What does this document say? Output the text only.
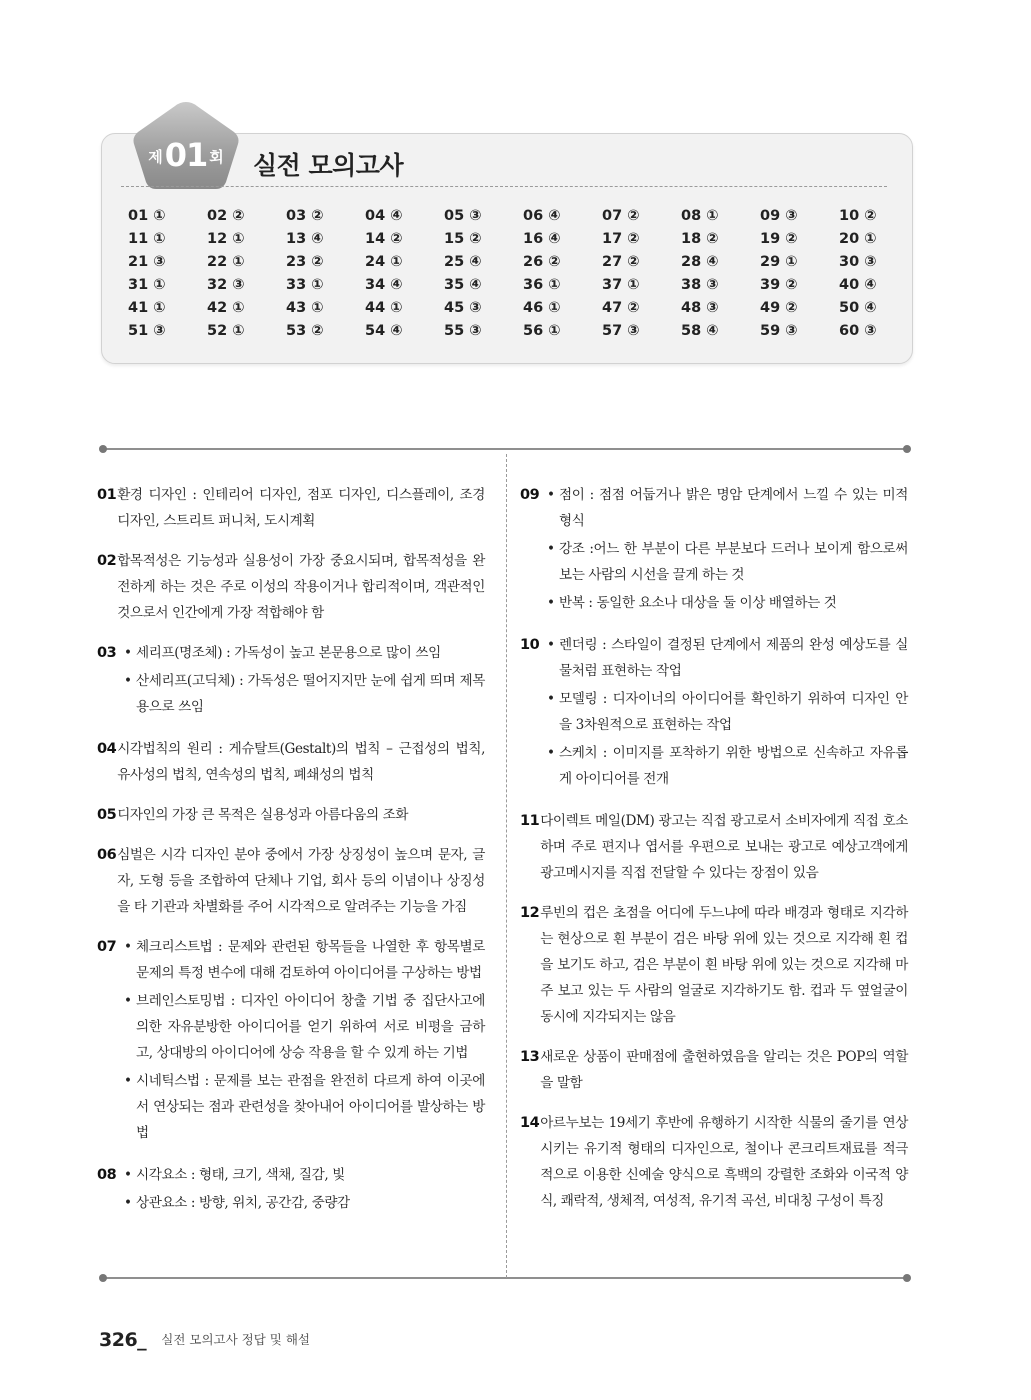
제01 회	실전 모의고사
01 ①	02 ②	03 ②	04 ④	05 ③	06 ④	07 ②	08 ①	09 ③	10 ②
11 ①	12 ①	13 ④	14 ②	15 ②	16 ④	17 ②	18 ②	19 ②	20 ①
21 ③	22 ①	23 ②	24 ①	25 ④	26 ②	27 ②	28 ④	29 ①	30 ③
31 ①	32 ③	33 ①	34 ④	35 ④	36 ①	37 ①	38 ③	39 ②	40 ④
41 ①	42 ①	43 ①	44 ①	45 ③	46 ①	47 ②	48 ③	49 ②	50 ④
51 ③	52 ①	53 ②	54 ④	55 ③	56 ①	57 ③	58 ④	59 ③	60 ③
01 환경 디자인 : 인테리어 디자인, 점포 디자인, 디스플레이, 조경 디자인, 스트리트 퍼니처, 도시계획
02 합목적성은 기능성과 실용성이 가장 중요시되며, 합목적성을 완전하게 하는 것은 주로 이성의 작용이거나 합리적이며, 객관적인 것으로서 인간에게 가장 적합해야 함
03 • 세리프(명조체) : 가독성이 높고 본문용으로 많이 쓰임
• 산세리프(고딕체) : 가독성은 떨어지지만 눈에 쉽게 띄며 제목용으로 쓰임
04 시각법칙의 원리 : 게슈탈트(Gestalt)의 법칙 – 근접성의 법칙, 유사성의 법칙, 연속성의 법칙, 폐쇄성의 법칙
05 디자인의 가장 큰 목적은 실용성과 아름다움의 조화
06 심벌은 시각 디자인 분야 중에서 가장 상징성이 높으며 문자, 글자, 도형 등을 조합하여 단체나 기업, 회사 등의 이념이나 상징성을 타 기관과 차별화를 주어 시각적으로 알려주는 기능을 가짐
07 • 체크리스트법 : 문제와 관련된 항목들을 나열한 후 항목별로 문제의 특정 변수에 대해 검토하여 아이디어를 구상하는 방법
• 브레인스토밍법 : 디자인 아이디어 창출 기법 중 집단사고에 의한 자유분방한 아이디어를 얻기 위하여 서로 비평을 금하고, 상대방의 아이디어에 상승 작용을 할 수 있게 하는 기법
• 시네틱스법 : 문제를 보는 관점을 완전히 다르게 하여 이곳에서 연상되는 점과 관련성을 찾아내어 아이디어를 발상하는 방법
08 • 시각요소 : 형태, 크기, 색채, 질감, 빛
• 상관요소 : 방향, 위치, 공간감, 중량감
09 • 점이 : 점점 어둡거나 밝은 명암 단계에서 느낄 수 있는 미적 형식
• 강조 :어느 한 부분이 다른 부분보다 드러나 보이게 함으로써 보는 사람의 시선을 끌게 하는 것
• 반복 : 동일한 요소나 대상을 둘 이상 배열하는 것
10 • 렌더링 : 스타일이 결정된 단계에서 제품의 완성 예상도를 실물처럼 표현하는 작업
• 모델링 : 디자이너의 아이디어를 확인하기 위하여 디자인 안을 3차원적으로 표현하는 작업
• 스케치 : 이미지를 포착하기 위한 방법으로 신속하고 자유롭게 아이디어를 전개
11 다이렉트 메일(DM) 광고는 직접 광고로서 소비자에게 직접 호소하며 주로 편지나 엽서를 우편으로 보내는 광고로 예상고객에게 광고메시지를 직접 전달할 수 있다는 장점이 있음
12 루빈의 컵은 초점을 어디에 두느냐에 따라 배경과 형태로 지각하는 현상으로 흰 부분이 검은 바탕 위에 있는 것으로 지각해 흰 컵을 보기도 하고, 검은 부분이 흰 바탕 위에 있는 것으로 지각해 마주 보고 있는 두 사람의 얼굴로 지각하기도 함. 컵과 두 옆얼굴이 동시에 지각되지는 않음
13 새로운 상품이 판매점에 출현하였음을 알리는 것은 POP의 역할을 말함
14 아르누보는 19세기 후반에 유행하기 시작한 식물의 줄기를 연상시키는 유기적 형태의 디자인으로, 철이나 콘크리트재료를 적극적으로 이용한 신예술 양식으로 흑백의 강렬한 조화와 이국적 양식, 쾌락적, 생체적, 여성적, 유기적 곡선, 비대칭 구성이 특징
326_ 실전 모의고사 정답 및 해설
